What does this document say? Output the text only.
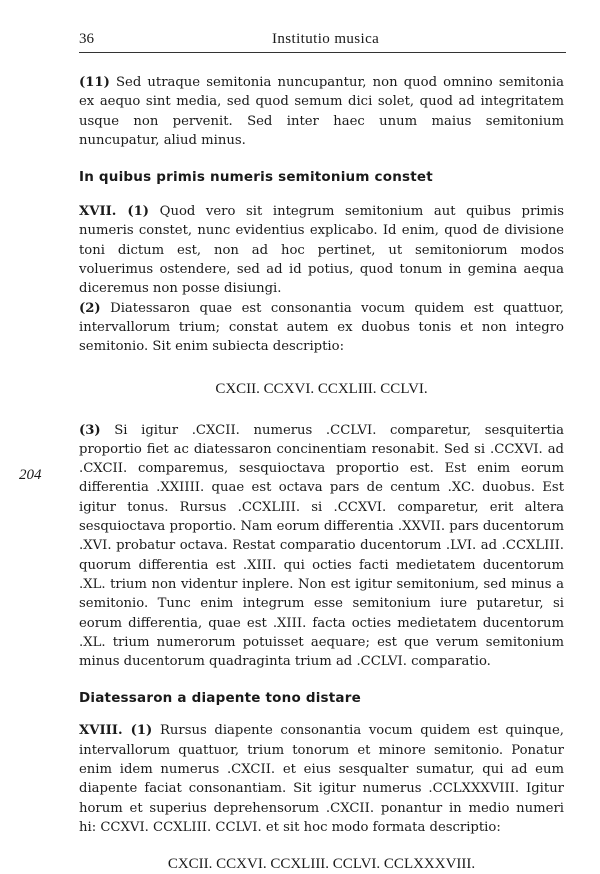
36	Institutio musica
204

(11) Sed utraque semitonia nuncupantur, non quod omnino semitonia ex aequo sint media, sed quod semum dici solet, quod ad integritatem usque non pervenit. Sed inter haec unum maius semitonium nuncupatur, aliud minus.

In quibus primis numeris semitonium constet

XVII. (1) Quod vero sit integrum semitonium aut quibus primis numeris constet, nunc evidentius explicabo. Id enim, quod de divisione toni dictum est, non ad hoc pertinet, ut semitoniorum modos voluerimus ostendere, sed ad id potius, quod tonum in gemina aequa diceremus non posse disiungi.

(2) Diatessaron quae est consonantia vocum quidem est quattuor, intervallorum trium; constat autem ex duobus tonis et non integro semitonio. Sit enim subiecta descriptio:

CXCII. CCXVI. CCXLIII. CCLVI.

(3) Si igitur .CXCII. numerus .CCLVI. comparetur, sesquitertia proportio fiet ac diatessaron concinentiam resonabit. Sed si .CCXVI. ad .CXCII. comparemus, sesquioctava proportio est. Est enim eorum differentia .XXIIII. quae est octava pars de centum .XC. duobus. Est igitur tonus. Rursus .CCXLIII. si .CCXVI. comparetur, erit altera sesquioctava proportio. Nam eorum differentia .XXVII. pars ducentorum .XVI. probatur octava. Restat comparatio ducentorum .LVI. ad .CCXLIII. quorum differentia est .XIII. qui octies facti medietatem ducentorum .XL. trium non videntur inplere. Non est igitur semitonium, sed minus a semitonio. Tunc enim integrum esse semitonium iure putaretur, si eorum differentia, quae est .XIII. facta octies medietatem ducentorum .XL. trium numerorum potuisset aequare; est que verum semitonium minus ducentorum quadraginta trium ad .CCLVI. comparatio.

Diatessaron a diapente tono distare

XVIII. (1) Rursus diapente consonantia vocum quidem est quinque, intervallorum quattuor, trium tonorum et minore semitonio. Ponatur enim idem numerus .CXCII. et eius sesqualter sumatur, qui ad eum diapente faciat consonantiam. Sit igitur numerus .CCLXXXVIII. Igitur horum et superius deprehensorum .CXCII. ponantur in medio numeri hi: CCXVI. CCXLIII. CCLVI. et sit hoc modo formata descriptio:

CXCII. CCXVI. CCXLIII. CCLVI. CCLXXXVIII.
